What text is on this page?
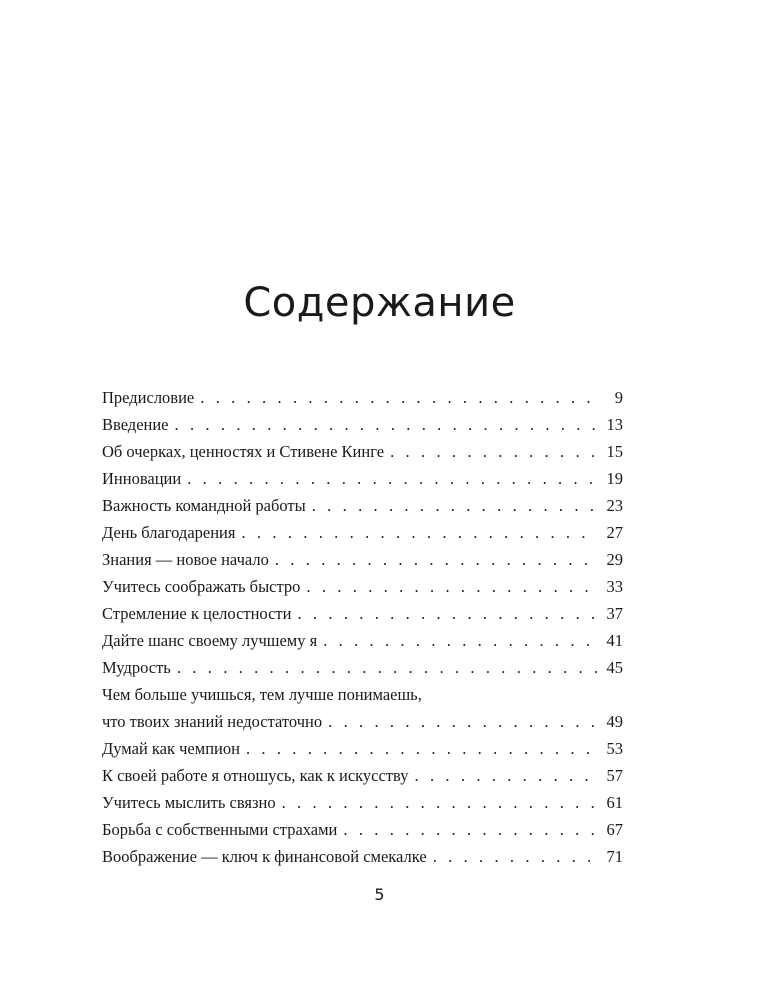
Содержание
Предисловие . . .	9
Введение . . .	13
Об очерках, ценностях и Стивене Кинге . . .	15
Инновации . . .	19
Важность командной работы . . .	23
День благодарения . . .	27
Знания — новое начало . . .	29
Учитесь соображать быстро . . .	33
Стремление к целостности . . .	37
Дайте шанс своему лучшему я . . .	41
Мудрость . . .	45
Чем больше учишься, тем лучше понимаешь,
что твоих знаний недостаточно . . .	49
Думай как чемпион . . .	53
К своей работе я отношусь, как к искусству . . .	57
Учитесь мыслить связно . . .	61
Борьба с собственными страхами . . .	67
Воображение — ключ к финансовой смекалке . . .	71
5
